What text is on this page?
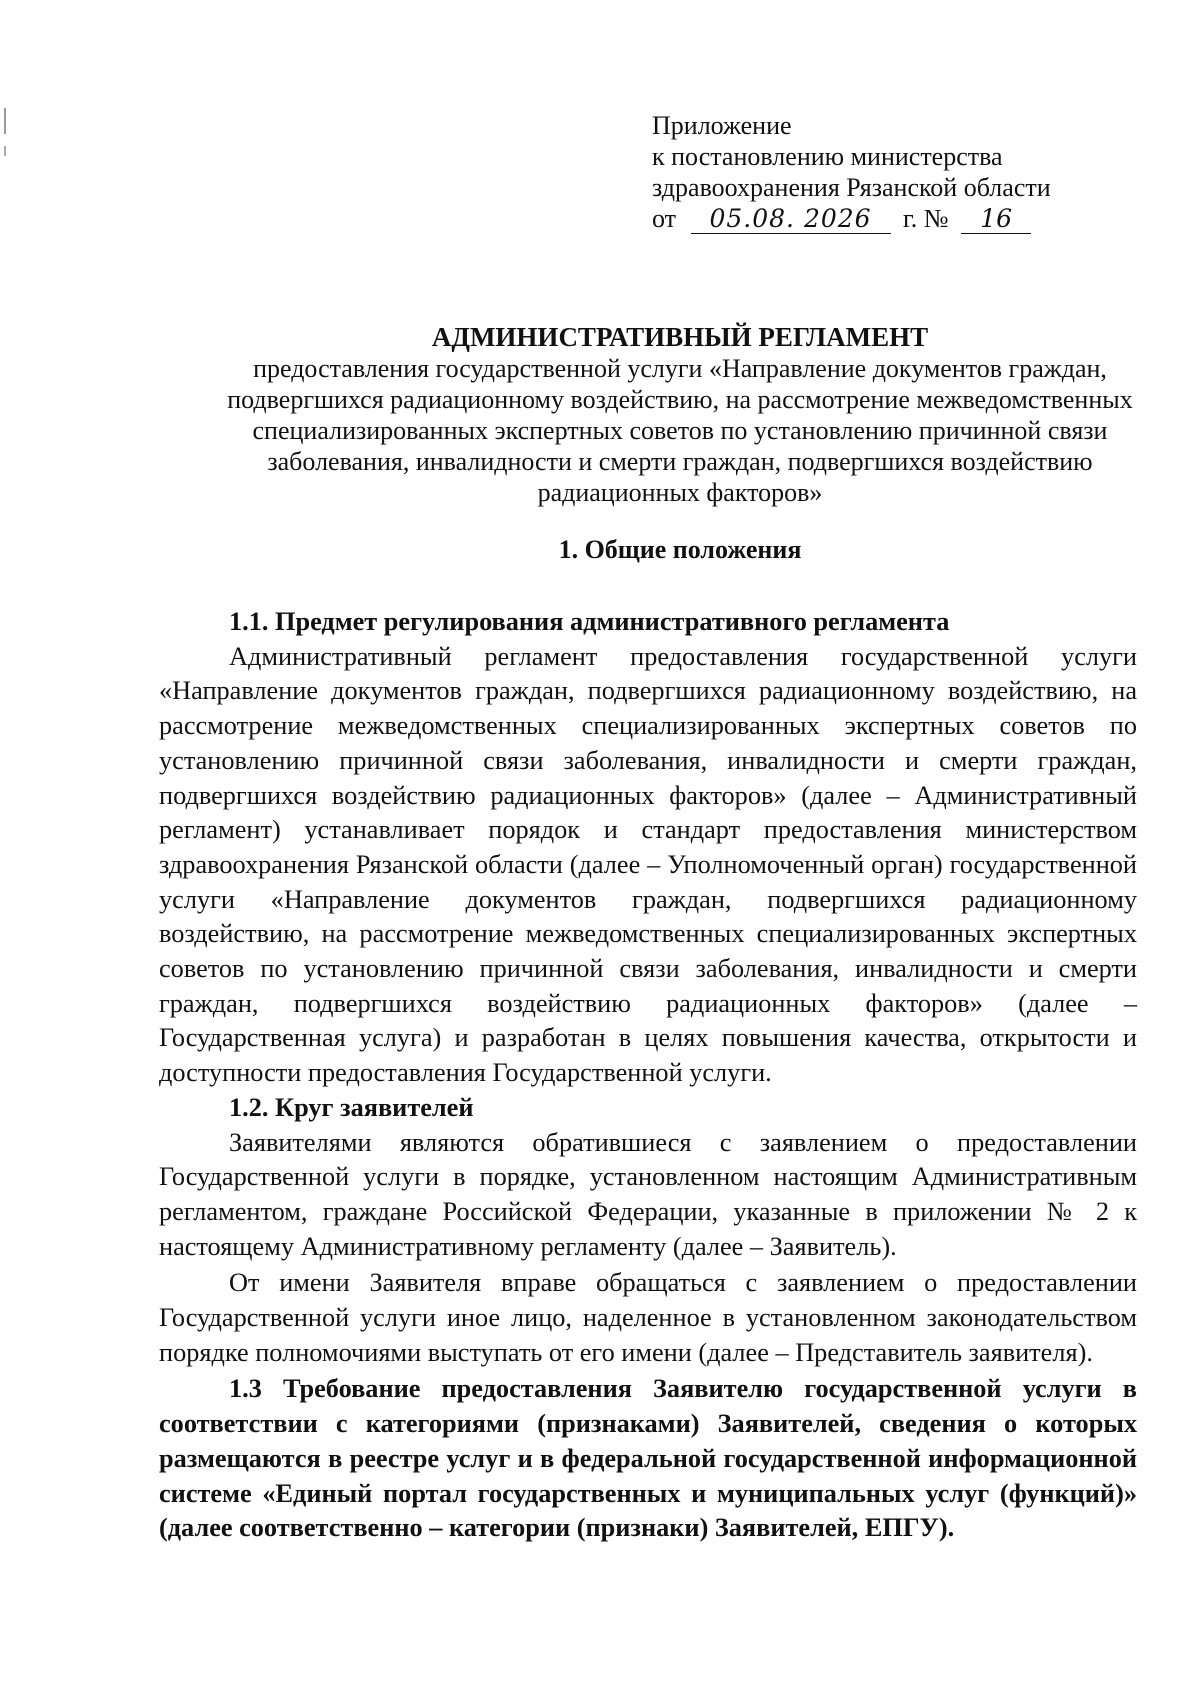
Приложение
к постановлению министерства
здравоохранения Рязанской области
от 05.08. 2026 г. № 16
АДМИНИСТРАТИВНЫЙ РЕГЛАМЕНТ
предоставления государственной услуги «Направление документов граждан,
подвергшихся радиационному воздействию, на рассмотрение межведомственных
специализированных экспертных советов по установлению причинной связи
заболевания, инвалидности и смерти граждан, подвергшихся воздействию
радиационных факторов»
1. Общие положения
1.1. Предмет регулирования административного регламента

Административный регламент предоставления государственной услуги «Направление документов граждан, подвергшихся радиационному воздействию, на рассмотрение межведомственных специализированных экспертных советов по установлению причинной связи заболевания, инвалидности и смерти граждан, подвергшихся воздействию радиационных факторов» (далее – Административный регламент) устанавливает порядок и стандарт предоставления министерством здравоохранения Рязанской области (далее – Уполномоченный орган) государственной услуги «Направление документов граждан, подвергшихся радиационному воздействию, на рассмотрение межведомственных специализированных экспертных советов по установлению причинной связи заболевания, инвалидности и смерти граждан, подвергшихся воздействию радиационных факторов» (далее – Государственная услуга) и разработан в целях повышения качества, открытости и доступности предоставления Государственной услуги.

1.2. Круг заявителей

Заявителями являются обратившиеся с заявлением о предоставлении Государственной услуги в порядке, установленном настоящим Административным регламентом, граждане Российской Федерации, указанные в приложении № 2 к настоящему Административному регламенту (далее – Заявитель).

От имени Заявителя вправе обращаться с заявлением о предоставлении Государственной услуги иное лицо, наделенное в установленном законодательством порядке полномочиями выступать от его имени (далее – Представитель заявителя).

1.3 Требование предоставления Заявителю государственной услуги в соответствии с категориями (признаками) Заявителей, сведения о которых размещаются в реестре услуг и в федеральной государственной информационной системе «Единый портал государственных и муниципальных услуг (функций)» (далее соответственно – категории (признаки) Заявителей, ЕПГУ).
